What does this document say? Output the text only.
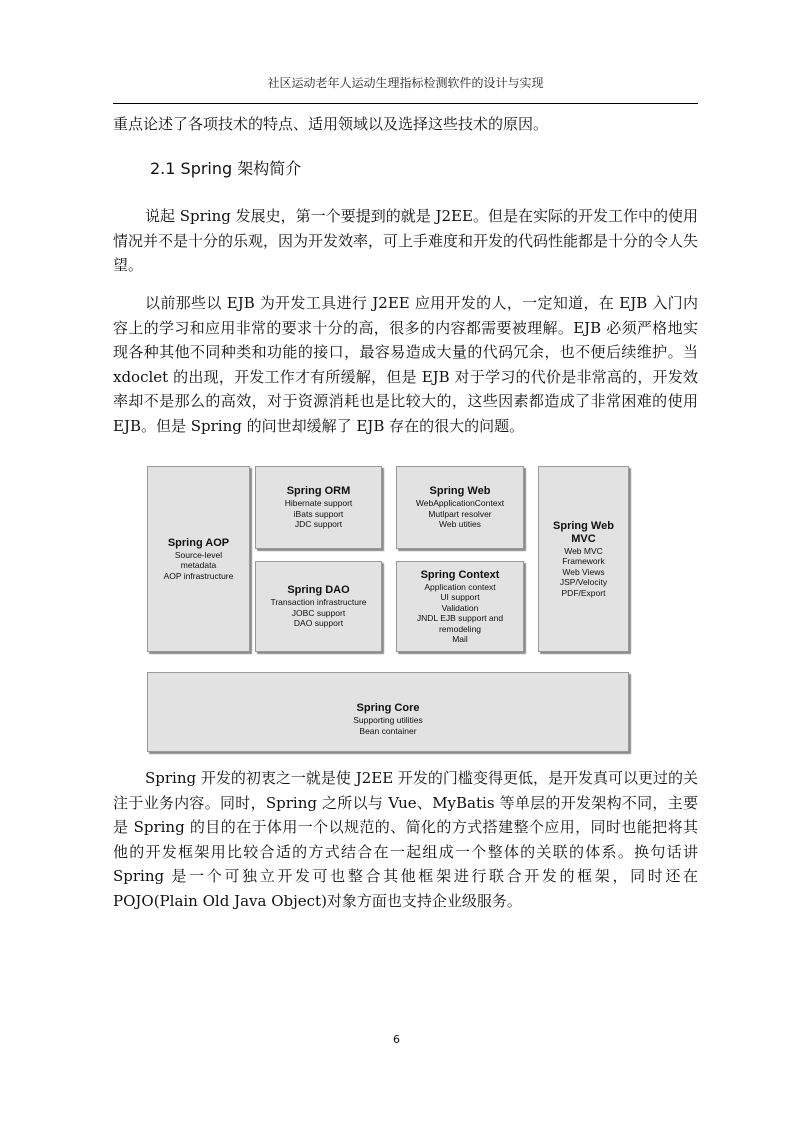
社区运动老年人运动生理指标检测软件的设计与实现

重点论述了各项技术的特点、适用领域以及选择这些技术的原因。

2.1 Spring 架构简介

说起 Spring 发展史，第一个要提到的就是 J2EE。但是在实际的开发工作中的使用情况并不是十分的乐观，因为开发效率，可上手难度和开发的代码性能都是十分的令人失望。

以前那些以 EJB 为开发工具进行 J2EE 应用开发的人，一定知道，在 EJB 入门内容上的学习和应用非常的要求十分的高，很多的内容都需要被理解。EJB 必须严格地实现各种其他不同种类和功能的接口，最容易造成大量的代码冗余，也不便后续维护。当 xdoclet 的出现，开发工作才有所缓解，但是 EJB 对于学习的代价是非常高的，开发效率却不是那么的高效，对于资源消耗也是比较大的，这些因素都造成了非常困难的使用 EJB。但是 Spring 的问世却缓解了 EJB 存在的很大的问题。

Spring AOP
Source-level
metadata
AOP infrastructure
Spring ORM
Hibernate support
iBats support
JDC support
Spring Web
WebApplicationContext
Mutlpart resolver
Web utities	Spring Web
MVC
Web MVC
Framework
Web Views
JSP/Velocity
PDF/Export
Spring DAO
Transaction infrastructure
JOBC support
DAO support
Spring Context
Application context
UI support
Validation
JNDL EJB support and
remodeling
Mail
Spring Core
Supporting utilities
Bean container

Spring 开发的初衷之一就是使 J2EE 开发的门槛变得更低，是开发真可以更过的关注于业务内容。同时，Spring 之所以与 Vue、MyBatis 等单层的开发架构不同，主要是 Spring 的目的在于体用一个以规范的、简化的方式搭建整个应用，同时也能把将其他的开发框架用比较合适的方式结合在一起组成一个整体的关联的体系。换句话讲 Spring 是一个可独立开发可也整合其他框架进行联合开发的框架，同时还在 POJO(Plain Old Java Object)对象方面也支持企业级服务。

6
